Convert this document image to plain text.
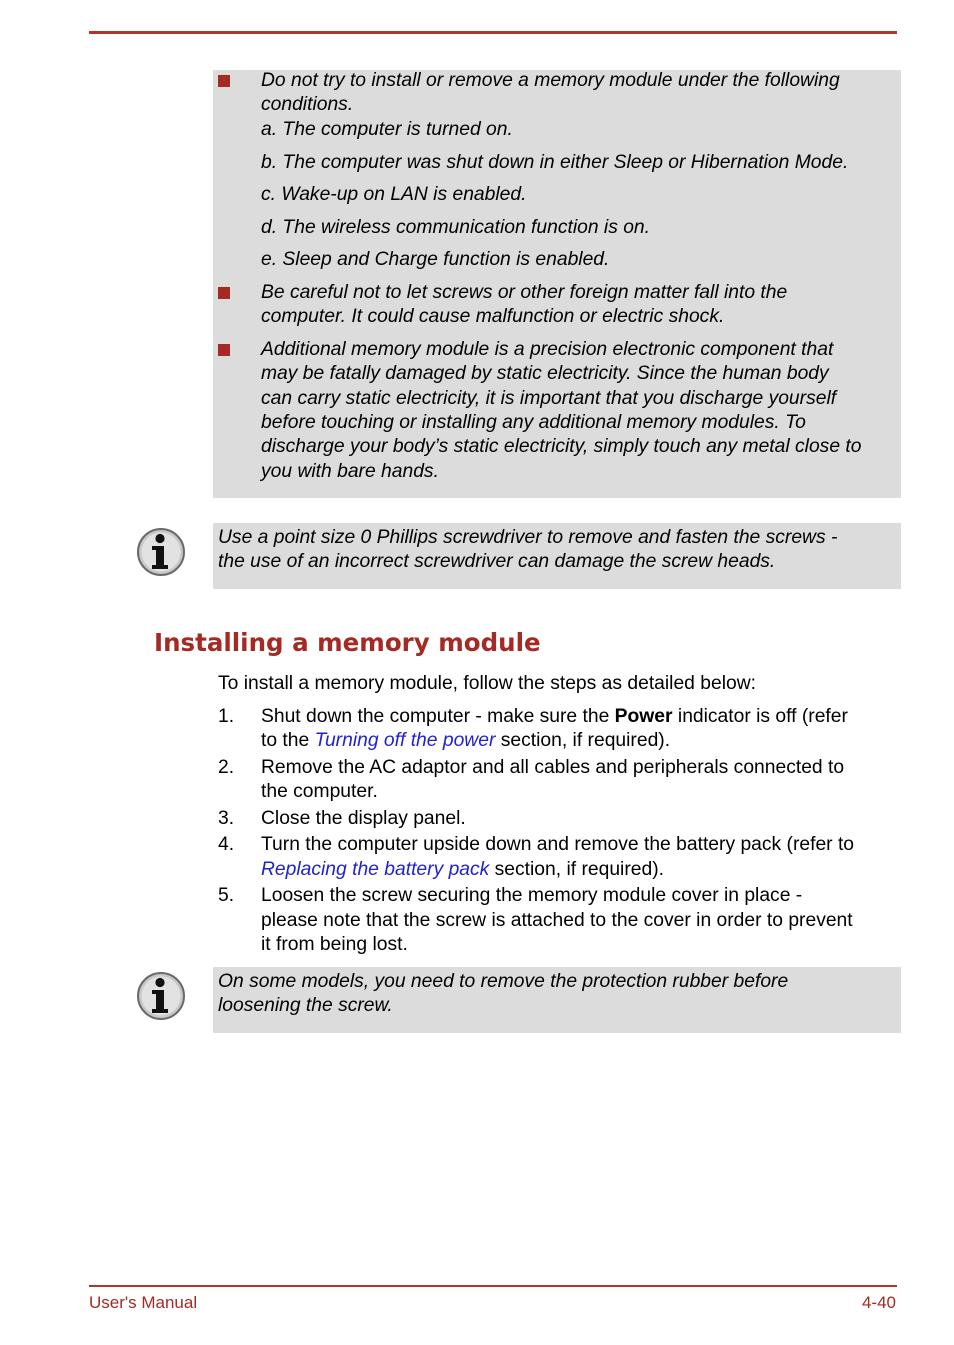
Do not try to install or remove a memory module under the following
conditions.
a. The computer is turned on.
b. The computer was shut down in either Sleep or Hibernation Mode.
c. Wake-up on LAN is enabled.
d. The wireless communication function is on.
e. Sleep and Charge function is enabled.
Be careful not to let screws or other foreign matter fall into the
computer. It could cause malfunction or electric shock.
Additional memory module is a precision electronic component that
may be fatally damaged by static electricity. Since the human body
can carry static electricity, it is important that you discharge yourself
before touching or installing any additional memory modules. To
discharge your body’s static electricity, simply touch any metal close to
you with bare hands.
Use a point size 0 Phillips screwdriver to remove and fasten the screws -
the use of an incorrect screwdriver can damage the screw heads.
Installing a memory module
To install a memory module, follow the steps as detailed below:
1. Shut down the computer - make sure the Power indicator is off (refer
to the Turning off the power section, if required).
2. Remove the AC adaptor and all cables and peripherals connected to
the computer.
3. Close the display panel.
4. Turn the computer upside down and remove the battery pack (refer to
Replacing the battery pack section, if required).
5. Loosen the screw securing the memory module cover in place -
please note that the screw is attached to the cover in order to prevent
it from being lost.
On some models, you need to remove the protection rubber before
loosening the screw.
User's Manual	4-40
